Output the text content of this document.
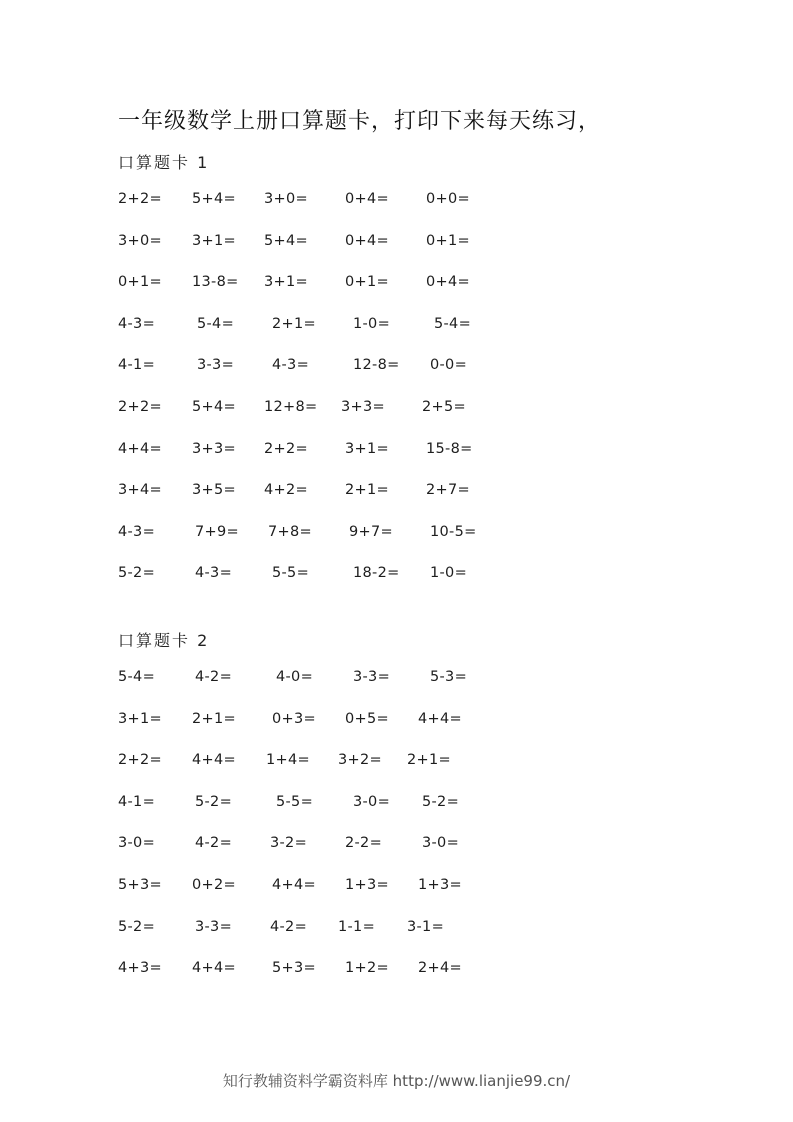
一年级数学上册口算题卡，打印下来每天练习，
口算题卡 1
2+2= 5+4= 3+0=	0+4=	0+0=
3+0= 3+1= 5+4=	0+4=	0+1=
0+1= 13-8= 3+1=	0+1=	0+4=
4-3=	5-4=	2+1=	1-0=	5-4=
4-1=	3-3=	4-3=	12-8= 0-0=
2+2= 5+4= 12+8= 3+3=	2+5=
4+4= 3+3= 2+2=	3+1=	15-8=
3+4= 3+5= 4+2=	2+1=	2+7=
4-3=	7+9= 7+8=	9+7=	10-5=
5-2=	4-3=	5-5=	18-2= 1-0=
口算题卡 2
5-4=	4-2=	4-0=	3-3=	5-3=
3+1= 2+1= 0+3= 0+5= 4+4=
2+2= 4+4= 1+4= 3+2= 2+1=
4-1=	5-2=	5-5=	3-0= 5-2=
3-0=	4-2=	3-2=	2-2=	3-0=
5+3= 0+2= 4+4= 1+3= 1+3=
5-2=	3-3=	4-2= 1-1= 3-1=
4+3= 4+4= 5+3= 1+2= 2+4=
知行教辅资料学霸资料库 http://www.lianjie99.cn/
